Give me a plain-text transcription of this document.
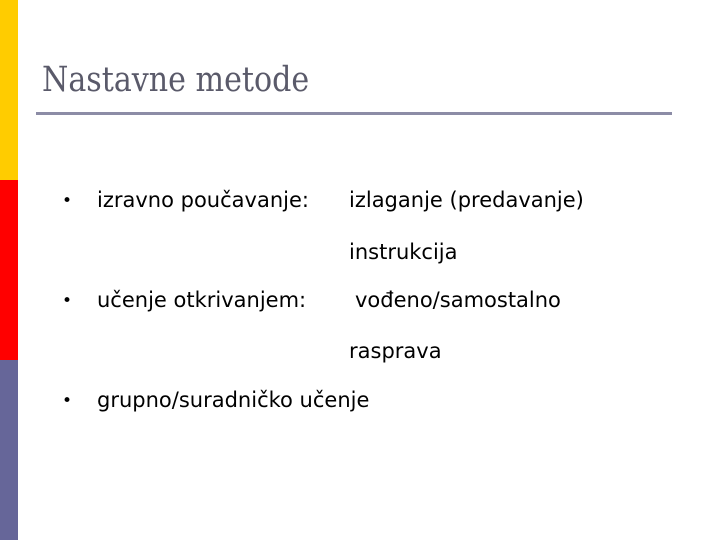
Nastavne metode
• izravno poučavanje: izlaganje (predavanje)
instrukcija
• učenje otkrivanjem: vođeno/samostalno
rasprava
• grupno/suradničko učenje
